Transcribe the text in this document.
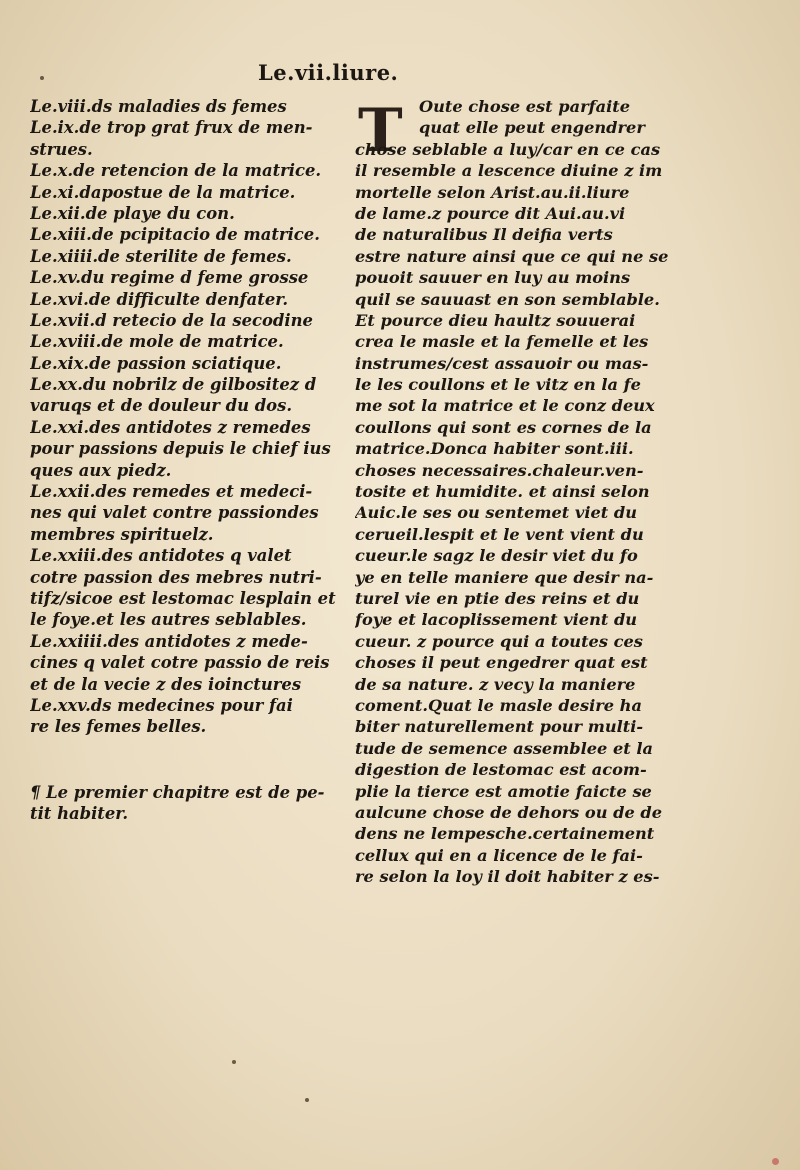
Le.vii.liure.
Le.viii.ds maladies ds femes
Le.ix.de trop grat frux de men-
strues.
Le.x.de retencion de la matrice.
Le.xi.dapostue de la matrice.
Le.xii.de playe du con.
Le.xiii.de pcipitacio de matrice.
Le.xiiii.de sterilite de femes.
Le.xv.du regime d feme grosse
Le.xvi.de difficulte denfater.
Le.xvii.d retecio de la secodine
Le.xviii.de mole de matrice.
Le.xix.de passion sciatique.
Le.xx.du nobrilz de gilbositez d
varuqs et de douleur du dos.
Le.xxi.des antidotes z remedes
pour passions depuis le chief ius
ques aux piedz.
Le.xxii.des remedes et medeci-
nes qui valet contre passiondes
membres spirituelz.
Le.xxiii.des antidotes q valet
cotre passion des mebres nutri-
tifz/sicoe est lestomac lesplain et
le foye.et les autres seblables.
Le.xxiiii.des antidotes z mede-
cines q valet cotre passio de reis
et de la vecie z des ioinctures
Le.xxv.ds medecines pour fai
re les femes belles.
¶ Le premier chapitre est de pe-
tit habiter.
T	Oute chose est parfaite
quat elle peut engendrer
chose seblable a luy/car en ce cas
il resemble a lescence diuine z im
mortelle selon Arist.au.ii.liure
de lame.z pource dit Aui.au.vi
de naturalibus Il deifia verts
estre nature ainsi que ce qui ne se
pouoit sauuer en luy au moins
quil se sauuast en son semblable.
Et pource dieu haultz souuerai
crea le masle et la femelle et les
instrumes/cest assauoir ou mas-
le les coullons et le vitz en la fe
me sot la matrice et le conz deux
coullons qui sont es cornes de la
matrice.Donca habiter sont.iii.
choses necessaires.chaleur.ven-
tosite et humidite. et ainsi selon
Auic.le ses ou sentemet viet du
cerueil.lespit et le vent vient du
cueur.le sagz le desir viet du fo
ye en telle maniere que desir na-
turel vie en ptie des reins et du
foye et lacoplissement vient du
cueur. z pource qui a toutes ces
choses il peut engedrer quat est
de sa nature. z vecy la maniere
coment.Quat le masle desire ha
biter naturellement pour multi-
tude de semence assemblee et la
digestion de lestomac est acom-
plie la tierce est amotie faicte se
aulcune chose de dehors ou de de
dens ne lempesche.certainement
cellux qui en a licence de le fai-
re selon la loy il doit habiter z es-
